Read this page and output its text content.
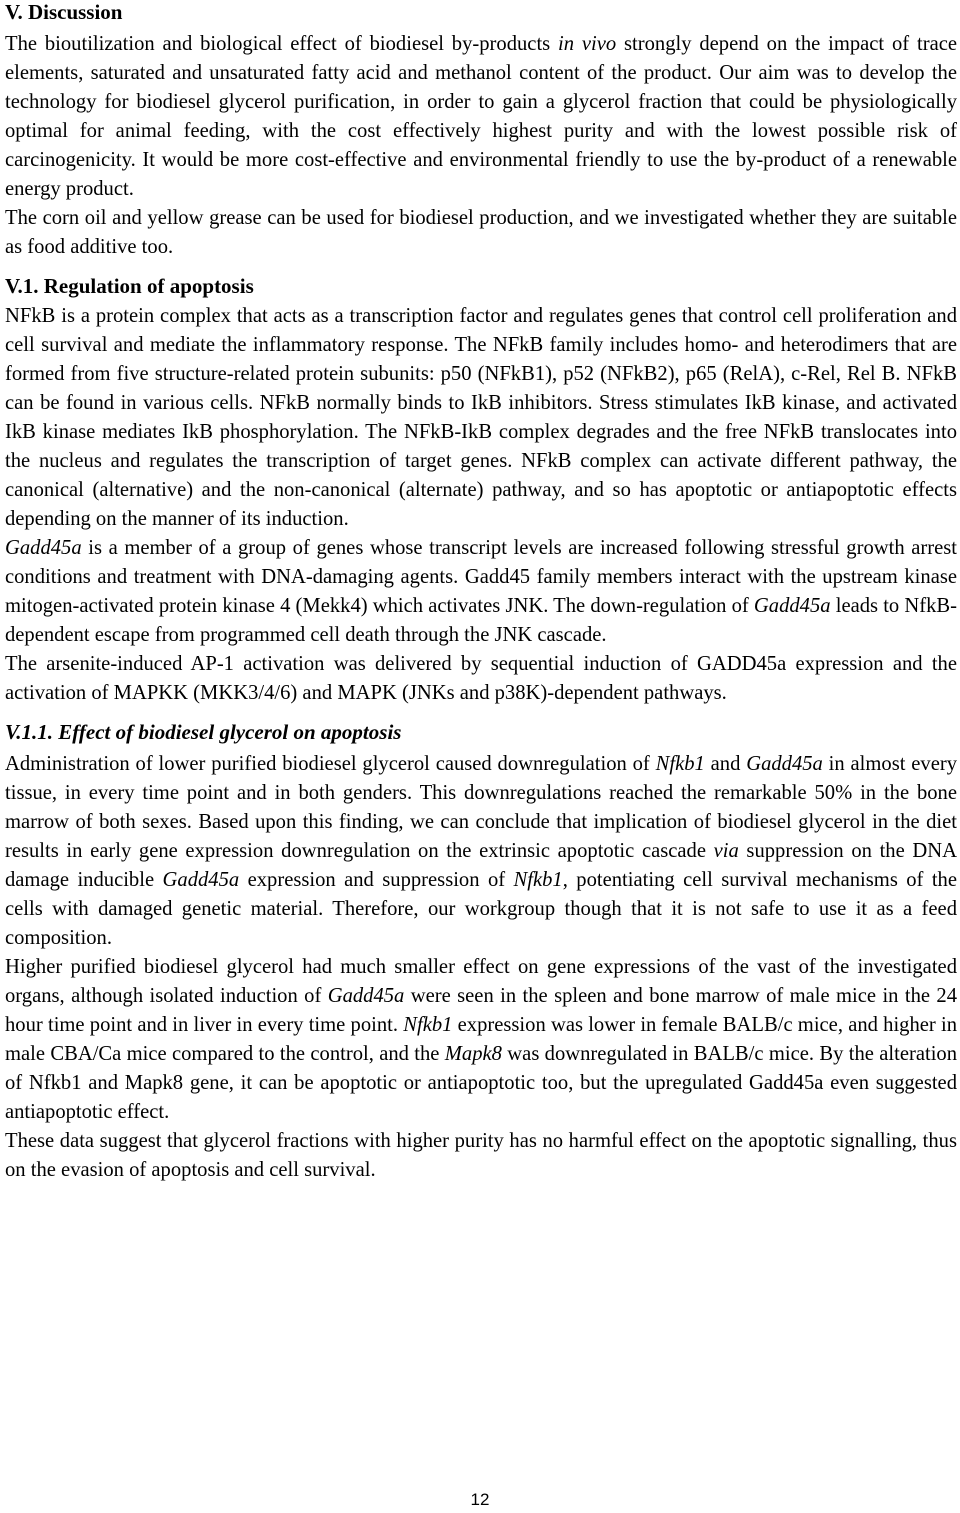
V. Discussion

The bioutilization and biological effect of biodiesel by-products in vivo strongly depend on the impact of trace elements, saturated and unsaturated fatty acid and methanol content of the product. Our aim was to develop the technology for biodiesel glycerol purification, in order to gain a glycerol fraction that could be physiologically optimal for animal feeding, with the cost effectively highest purity and with the lowest possible risk of carcinogenicity. It would be more cost-effective and environmental friendly to use the by-product of a renewable energy product.

The corn oil and yellow grease can be used for biodiesel production, and we investigated whether they are suitable as food additive too.

V.1. Regulation of apoptosis

NFkB is a protein complex that acts as a transcription factor and regulates genes that control cell proliferation and cell survival and mediate the inflammatory response. The NFkB family includes homo- and heterodimers that are formed from five structure-related protein subunits: p50 (NFkB1), p52 (NFkB2), p65 (RelA), c-Rel, Rel B. NFkB can be found in various cells. NFkB normally binds to IkB inhibitors. Stress stimulates IkB kinase, and activated IkB kinase mediates IkB phosphorylation. The NFkB-IkB complex degrades and the free NFkB translocates into the nucleus and regulates the transcription of target genes. NFkB complex can activate different pathway, the canonical (alternative) and the non-canonical (alternate) pathway, and so has apoptotic or antiapoptotic effects depending on the manner of its induction.

Gadd45a is a member of a group of genes whose transcript levels are increased following stressful growth arrest conditions and treatment with DNA-damaging agents. Gadd45 family members interact with the upstream kinase mitogen-activated protein kinase 4 (Mekk4) which activates JNK. The down-regulation of Gadd45a leads to NfkB-dependent escape from programmed cell death through the JNK cascade.

The arsenite-induced AP-1 activation was delivered by sequential induction of GADD45a expression and the activation of MAPKK (MKK3/4/6) and MAPK (JNKs and p38K)-dependent pathways.

V.1.1. Effect of biodiesel glycerol on apoptosis

Administration of lower purified biodiesel glycerol caused downregulation of Nfkb1 and Gadd45a in almost every tissue, in every time point and in both genders. This downregulations reached the remarkable 50% in the bone marrow of both sexes. Based upon this finding, we can conclude that implication of biodiesel glycerol in the diet results in early gene expression downregulation on the extrinsic apoptotic cascade via suppression on the DNA damage inducible Gadd45a expression and suppression of Nfkb1, potentiating cell survival mechanisms of the cells with damaged genetic material. Therefore, our workgroup though that it is not safe to use it as a feed composition.

Higher purified biodiesel glycerol had much smaller effect on gene expressions of the vast of the investigated organs, although isolated induction of Gadd45a were seen in the spleen and bone marrow of male mice in the 24 hour time point and in liver in every time point. Nfkb1 expression was lower in female BALB/c mice, and higher in male CBA/Ca mice compared to the control, and the Mapk8 was downregulated in BALB/c mice. By the alteration of Nfkb1 and Mapk8 gene, it can be apoptotic or antiapoptotic too, but the upregulated Gadd45a even suggested antiapoptotic effect.

These data suggest that glycerol fractions with higher purity has no harmful effect on the apoptotic signalling, thus on the evasion of apoptosis and cell survival.

12
